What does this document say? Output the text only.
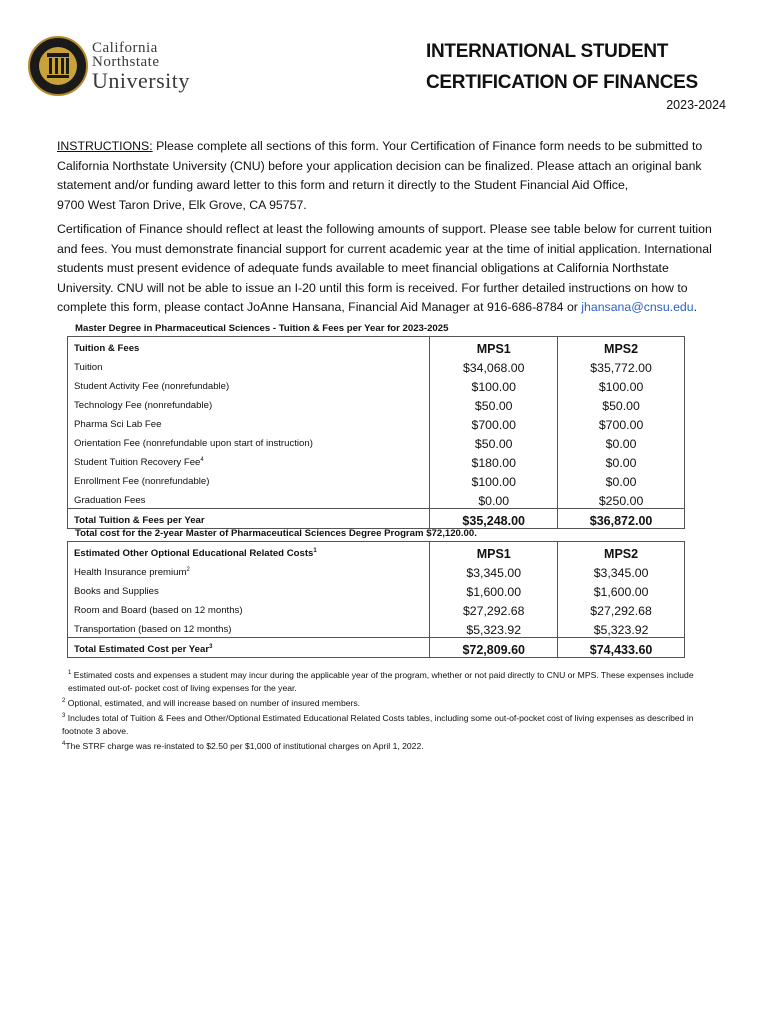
California
Northstate
University
INTERNATIONAL STUDENT
CERTIFICATION OF FINANCES
2023-2024
INSTRUCTIONS: Please complete all sections of this form. Your Certification of Finance form needs to be submitted to
California Northstate University (CNU) before your application decision can be finalized. Please attach an original bank
statement and/or funding award letter to this form and return it directly to the Student Financial Aid Office,
9700 West Taron Drive, Elk Grove, CA 95757.
Certification of Finance should reflect at least the following amounts of support. Please see table below for current tuition
and fees. You must demonstrate financial support for current academic year at the time of initial application. International
students must present evidence of adequate funds available to meet financial obligations at California Northstate
University. CNU will not be able to issue an I-20 until this form is received. For further detailed instructions on how to
complete this form, please contact JoAnne Hansana, Financial Aid Manager at 916-686-8784 or jhansana@cnsu.edu.
Master Degree in Pharmaceutical Sciences - Tuition & Fees per Year for 2023-2025
Tuition & Fees	MPS1	MPS2
Tuition	$34,068.00	$35,772.00
Student Activity Fee (nonrefundable)	$100.00	$100.00
Technology Fee (nonrefundable)	$50.00	$50.00
Pharma Sci Lab Fee	$700.00	$700.00
Orientation Fee (nonrefundable upon start of instruction)	$50.00	$0.00
Student Tuition Recovery Fee$^4$	$180.00	$0.00
Enrollment Fee (nonrefundable)	$100.00	$0.00
Graduation Fees	$0.00	$250.00
Total Tuition & Fees per Year	$35,248.00	$36,872.00
Total cost for the 2-year Master of Pharmaceutical Sciences Degree Program $72,120.00.
Estimated Other Optional Educational Related Costs$^1$	MPS1	MPS2
Health Insurance premium$^2$	$3,345.00	$3,345.00
Books and Supplies	$1,600.00	$1,600.00
Room and Board (based on 12 months)	$27,292.68	$27,292.68
Transportation (based on 12 months)	$5,323.92	$5,323.92
Total Estimated Cost per Year$^3$	$72,809.60	$74,433.60
$^1$ Estimated costs and expenses a student may incur during the applicable year of the program, whether or not paid directly to CNU or MPS. These expenses include
estimated out-of- pocket cost of living expenses for the year.
$^2$ Optional, estimated, and will increase based on number of insured members.
$^3$ Includes total of Tuition & Fees and Other/Optional Estimated Educational Related Costs tables, including some out-of-pocket cost of living expenses as described in
footnote 3 above.
$^4$The STRF charge was re-instated to $2.50 per $1,000 of institutional charges on April 1, 2022.
